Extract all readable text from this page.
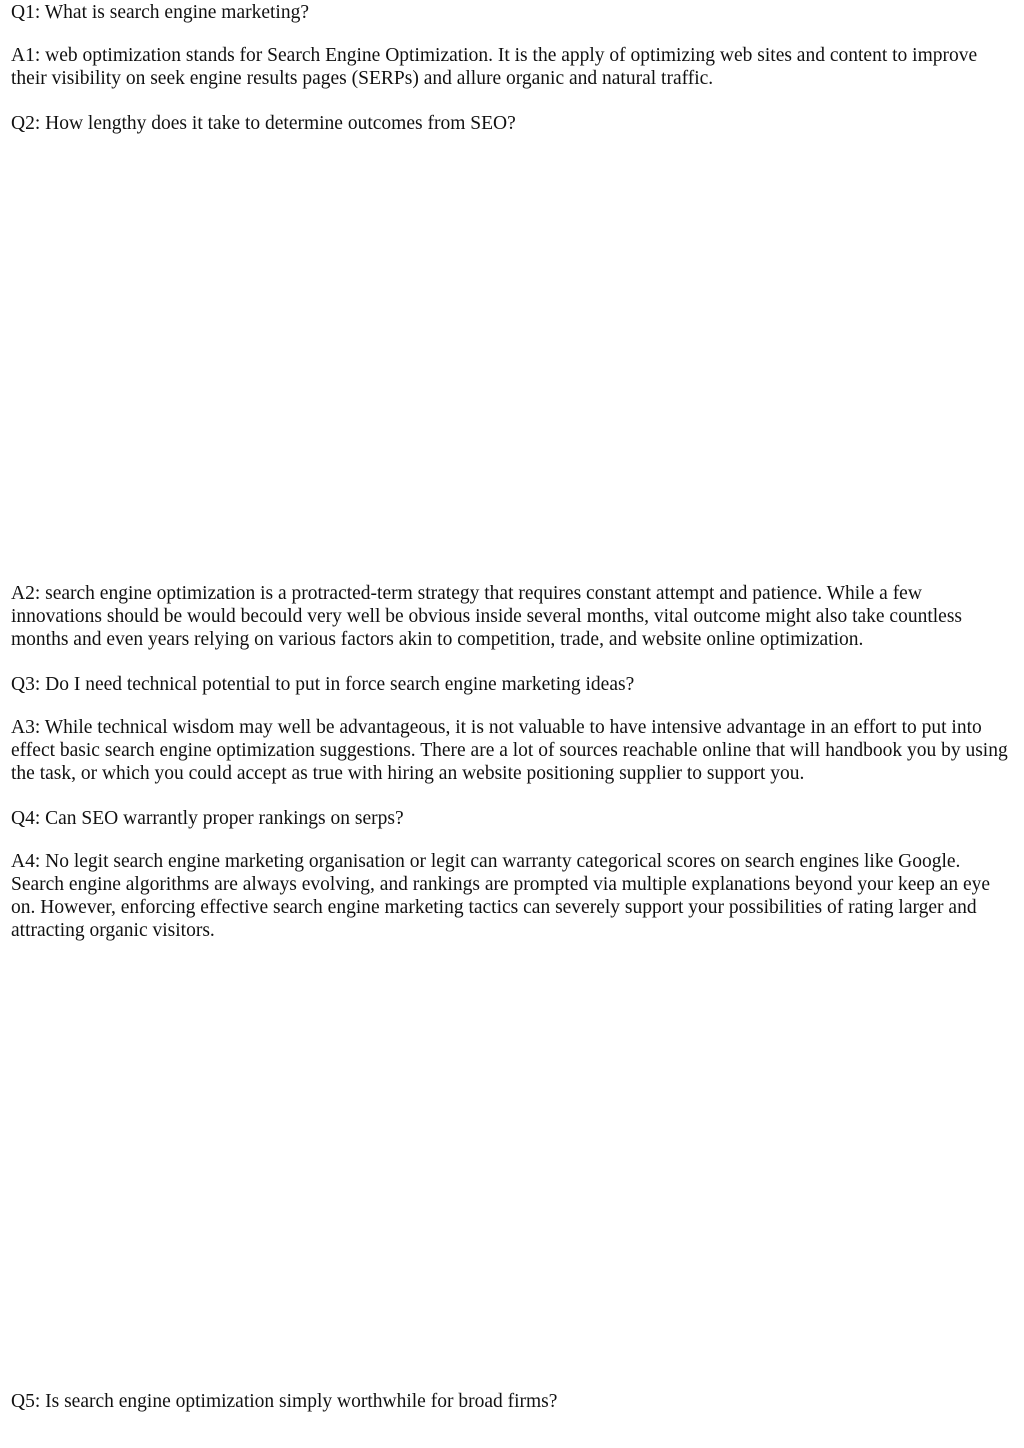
Q1: What is search engine marketing?

A1: web optimization stands for Search Engine Optimization. It is the apply of optimizing web sites and content to improve their visibility on seek engine results pages (SERPs) and allure organic and natural traffic.

Q2: How lengthy does it take to determine outcomes from SEO?

A2: search engine optimization is a protracted-term strategy that requires constant attempt and patience. While a few innovations should be would becould very well be obvious inside several months, vital outcome might also take countless months and even years relying on various factors akin to competition, trade, and website online optimization.

Q3: Do I need technical potential to put in force search engine marketing ideas?

A3: While technical wisdom may well be advantageous, it is not valuable to have intensive advantage in an effort to put into effect basic search engine optimization suggestions. There are a lot of sources reachable online that will handbook you by using the task, or which you could accept as true with hiring an website positioning supplier to support you.

Q4: Can SEO warrantly proper rankings on serps?

A4: No legit search engine marketing organisation or legit can warranty categorical scores on search engines like Google. Search engine algorithms are always evolving, and rankings are prompted via multiple explanations beyond your keep an eye on. However, enforcing effective search engine marketing tactics can severely support your possibilities of rating larger and attracting organic visitors.

Q5: Is search engine optimization simply worthwhile for broad firms?
